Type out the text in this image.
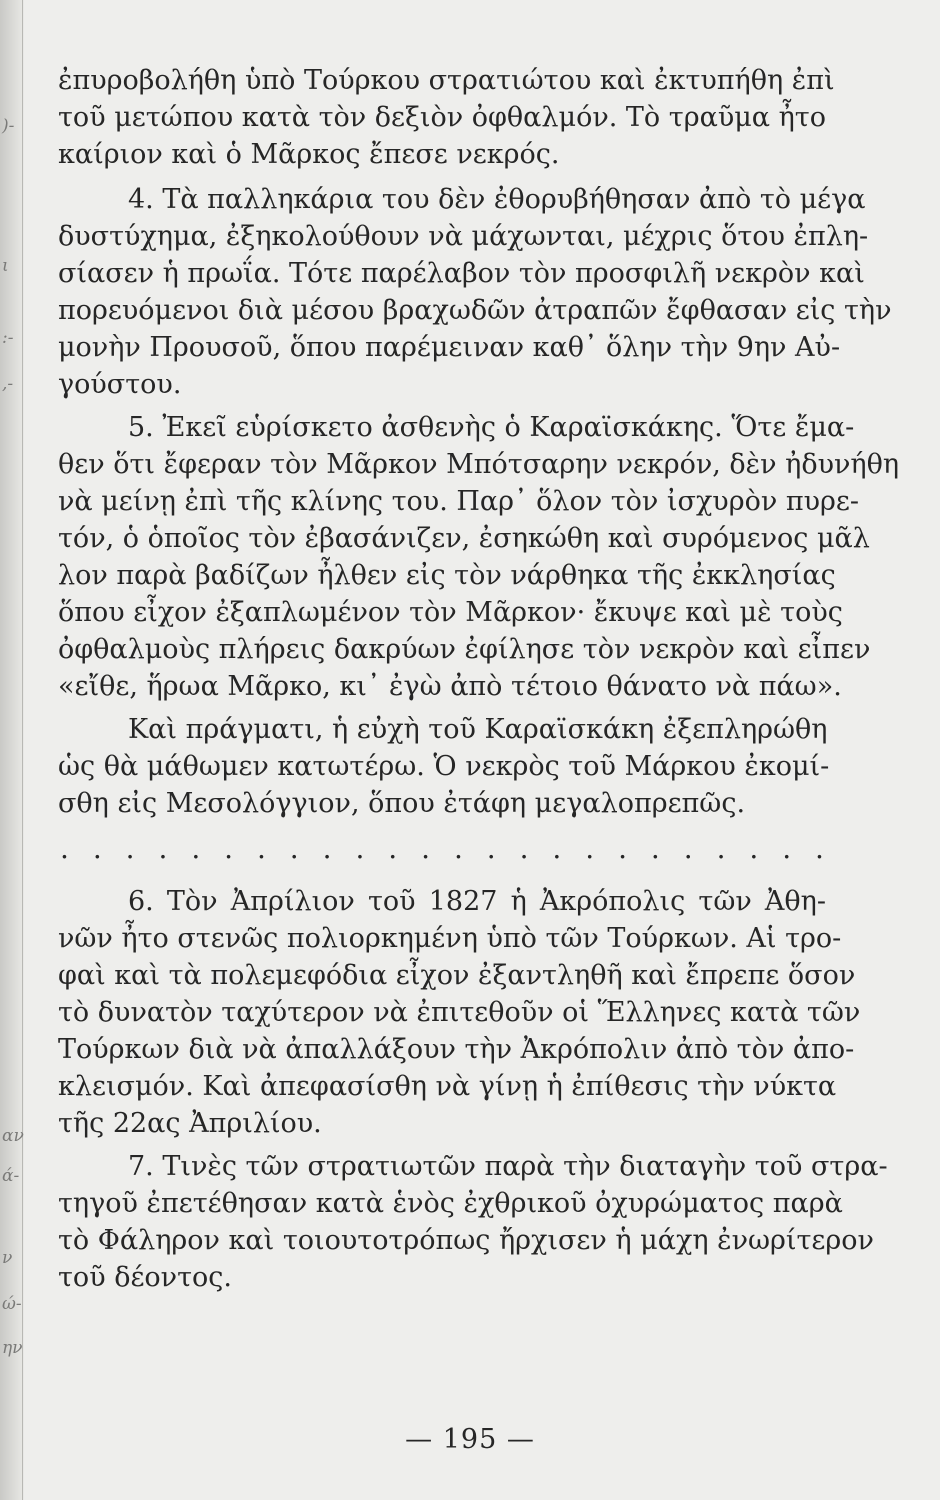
)-
ι
:-
,-
αν
ά-
ν
ώ-
ην

ἐπυροβολήθη ὑπὸ Τούρκου στρατιώτου καὶ ἐκτυπήθη ἐπὶ
τοῦ μετώπου κατὰ τὸν δεξιὸν ὀφθαλμόν. Τὸ τραῦμα ἦτο
καίριον καὶ ὁ Μᾶρκος ἔπεσε νεκρός.

4. Τὰ παλληκάρια του δὲν ἐθορυβήθησαν ἀπὸ τὸ μέγα
δυστύχημα, ἐξηκολούθουν νὰ μάχωνται, μέχρις ὅτου ἐπλη-
σίασεν ἡ πρωΐα. Τότε παρέλαβον τὸν προσφιλῆ νεκρὸν καὶ
πορευόμενοι διὰ μέσου βραχωδῶν ἀτραπῶν ἔφθασαν εἰς τὴν
μονὴν Προυσοῦ, ὅπου παρέμειναν καθ᾿ ὅλην τὴν 9ην Αὐ-
γούστου.

5. Ἐκεῖ εὑρίσκετο ἀσθενὴς ὁ Καραϊσκάκης. Ὅτε ἔμα-
θεν ὅτι ἔφεραν τὸν Μᾶρκον Μπότσαρην νεκρόν, δὲν ἠδυνήθη
νὰ μείνῃ ἐπὶ τῆς κλίνης του. Παρ᾿ ὅλον τὸν ἰσχυρὸν πυρε-
τόν, ὁ ὁποῖος τὸν ἐβασάνιζεν, ἐσηκώθη καὶ συρόμενος μᾶλ
λον παρὰ βαδίζων ἦλθεν εἰς τὸν νάρθηκα τῆς ἐκκλησίας
ὅπου εἶχον ἐξαπλωμένον τὸν Μᾶρκον· ἔκυψε καὶ μὲ τοὺς
ὀφθαλμοὺς πλήρεις δακρύων ἐφίλησε τὸν νεκρὸν καὶ εἶπεν
«εἴθε, ἥρωα Μᾶρκο, κι᾿ ἐγὼ ἀπὸ τέτοιο θάνατο νὰ πάω».

Καὶ πράγματι, ἡ εὐχὴ τοῦ Καραϊσκάκη ἐξεπληρώθη
ὡς θὰ μάθωμεν κατωτέρω. Ὁ νεκρὸς τοῦ Μάρκου ἐκομί-
σθη εἰς Μεσολόγγιον, ὅπου ἐτάφη μεγαλοπρεπῶς.

. . . . . . . . . . . . . . . . . . . . . . . .

6. Τὸν Ἀπρίλιον τοῦ 1827 ἡ Ἀκρόπολις τῶν Ἀθη-
νῶν ἦτο στενῶς πολιορκημένη ὑπὸ τῶν Τούρκων. Αἱ τρο-
φαὶ καὶ τὰ πολεμεφόδια εἶχον ἐξαντληθῆ καὶ ἔπρεπε ὅσον
τὸ δυνατὸν ταχύτερον νὰ ἐπιτεθοῦν οἱ Ἕλληνες κατὰ τῶν
Τούρκων διὰ νὰ ἀπαλλάξουν τὴν Ἀκρόπολιν ἀπὸ τὸν ἀπο-
κλεισμόν. Καὶ ἀπεφασίσθη νὰ γίνῃ ἡ ἐπίθεσις τὴν νύκτα
τῆς 22ας Ἀπριλίου.

7. Τινὲς τῶν στρατιωτῶν παρὰ τὴν διαταγὴν τοῦ στρα-
τηγοῦ ἐπετέθησαν κατὰ ἑνὸς ἐχθρικοῦ ὀχυρώματος παρὰ
τὸ Φάληρον καὶ τοιουτοτρόπως ἤρχισεν ἡ μάχη ἐνωρίτερον
τοῦ δέοντος.

— 195 —
